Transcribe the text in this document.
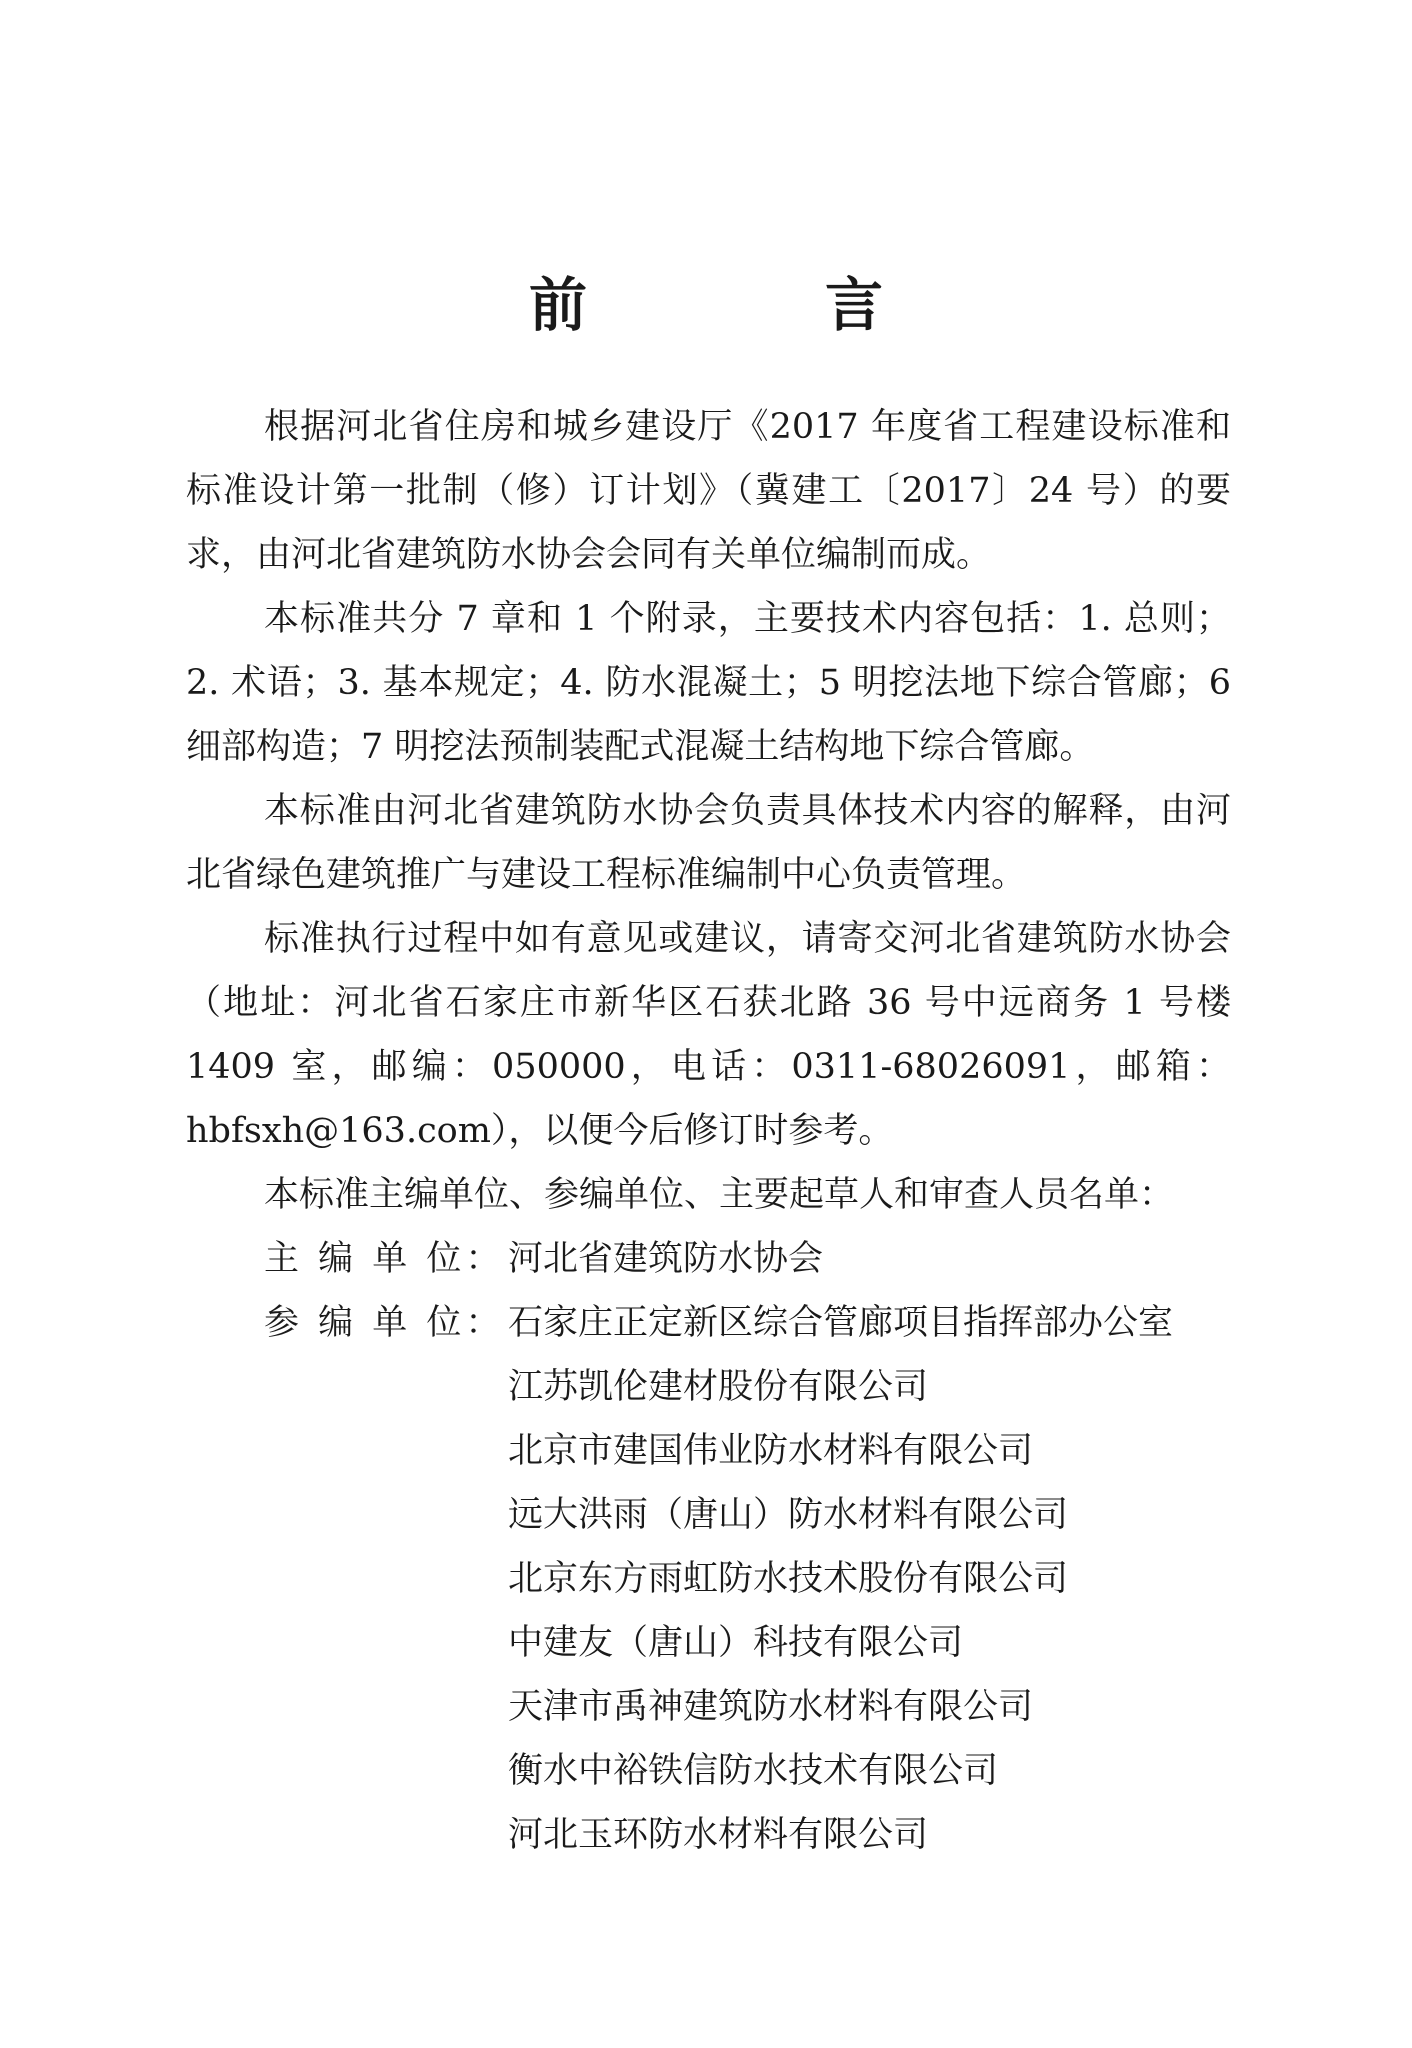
前　言

根据河北省住房和城乡建设厅《2017 年度省工程建设标准和标准设计第一批制（修）订计划》（冀建工〔2017〕24 号）的要求，由河北省建筑防水协会会同有关单位编制而成。

本标准共分 7 章和 1 个附录，主要技术内容包括：1. 总则；2. 术语；3. 基本规定；4. 防水混凝土；5 明挖法地下综合管廊；6 细部构造；7 明挖法预制装配式混凝土结构地下综合管廊。

本标准由河北省建筑防水协会负责具体技术内容的解释，由河北省绿色建筑推广与建设工程标准编制中心负责管理。

标准执行过程中如有意见或建议，请寄交河北省建筑防水协会（地址：河北省石家庄市新华区石获北路 36 号中远商务 1 号楼 1409 室，邮编：050000，电话：0311-68026091，邮箱：hbfsxh@163.com），以便今后修订时参考。

本标准主编单位、参编单位、主要起草人和审查人员名单：

主 编 单 位： 河北省建筑防水协会
参 编 单 位： 石家庄正定新区综合管廊项目指挥部办公室
江苏凯伦建材股份有限公司
北京市建国伟业防水材料有限公司
远大洪雨（唐山）防水材料有限公司
北京东方雨虹防水技术股份有限公司
中建友（唐山）科技有限公司
天津市禹神建筑防水材料有限公司
衡水中裕铁信防水技术有限公司
河北玉环防水材料有限公司
